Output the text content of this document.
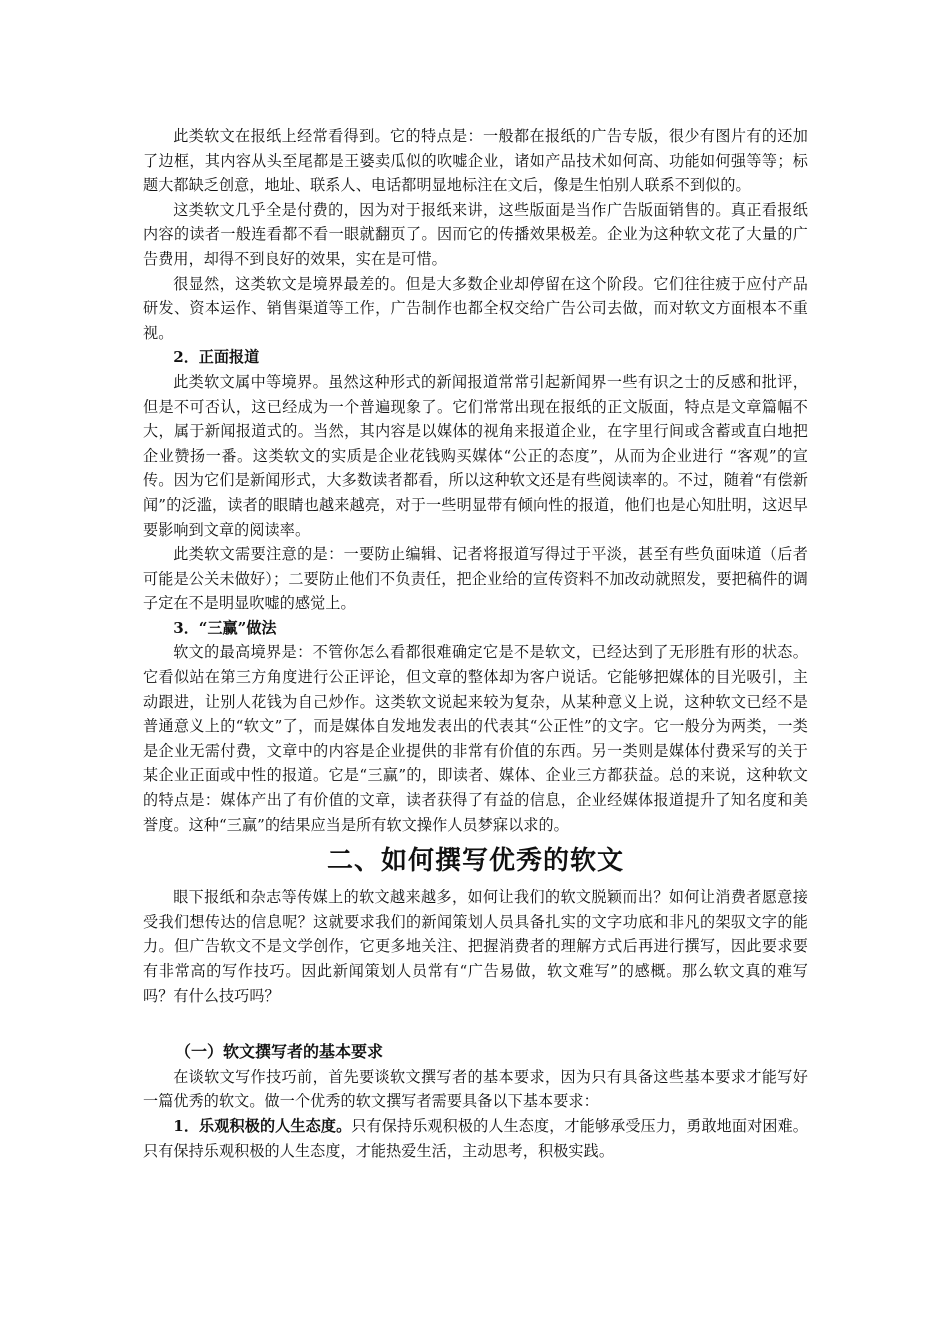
此类软文在报纸上经常看得到。它的特点是：一般都在报纸的广告专版，很少有图片有的还加了边框，其内容从头至尾都是王婆卖瓜似的吹嘘企业，诸如产品技术如何高、功能如何强等等；标题大都缺乏创意，地址、联系人、电话都明显地标注在文后，像是生怕别人联系不到似的。

这类软文几乎全是付费的，因为对于报纸来讲，这些版面是当作广告版面销售的。真正看报纸内容的读者一般连看都不看一眼就翻页了。因而它的传播效果极差。企业为这种软文花了大量的广告费用，却得不到良好的效果，实在是可惜。

很显然，这类软文是境界最差的。但是大多数企业却停留在这个阶段。它们往往疲于应付产品研发、资本运作、销售渠道等工作，广告制作也都全权交给广告公司去做，而对软文方面根本不重视。

2．正面报道

此类软文属中等境界。虽然这种形式的新闻报道常常引起新闻界一些有识之士的反感和批评，但是不可否认，这已经成为一个普遍现象了。它们常常出现在报纸的正文版面，特点是文章篇幅不大，属于新闻报道式的。当然，其内容是以媒体的视角来报道企业，在字里行间或含蓄或直白地把企业赞扬一番。这类软文的实质是企业花钱购买媒体“公正的态度”，从而为企业进行 “客观”的宣传。因为它们是新闻形式，大多数读者都看，所以这种软文还是有些阅读率的。不过，随着“有偿新闻”的泛滥，读者的眼睛也越来越亮，对于一些明显带有倾向性的报道，他们也是心知肚明，这迟早要影响到文章的阅读率。

此类软文需要注意的是：一要防止编辑、记者将报道写得过于平淡，甚至有些负面味道（后者可能是公关未做好）；二要防止他们不负责任，把企业给的宣传资料不加改动就照发，要把稿件的调子定在不是明显吹嘘的感觉上。

3．“三赢”做法

软文的最高境界是：不管你怎么看都很难确定它是不是软文，已经达到了无形胜有形的状态。它看似站在第三方角度进行公正评论，但文章的整体却为客户说话。它能够把媒体的目光吸引，主动跟进，让别人花钱为自己炒作。这类软文说起来较为复杂，从某种意义上说，这种软文已经不是普通意义上的“软文”了，而是媒体自发地发表出的代表其“公正性”的文字。它一般分为两类，一类是企业无需付费，文章中的内容是企业提供的非常有价值的东西。另一类则是媒体付费采写的关于某企业正面或中性的报道。它是“三赢”的，即读者、媒体、企业三方都获益。总的来说，这种软文的特点是：媒体产出了有价值的文章，读者获得了有益的信息，企业经媒体报道提升了知名度和美誉度。这种“三赢”的结果应当是所有软文操作人员梦寐以求的。

二、如何撰写优秀的软文

眼下报纸和杂志等传媒上的软文越来越多，如何让我们的软文脱颖而出？如何让消费者愿意接受我们想传达的信息呢？这就要求我们的新闻策划人员具备扎实的文字功底和非凡的架驭文字的能力。但广告软文不是文学创作，它更多地关注、把握消费者的理解方式后再进行撰写，因此要求要有非常高的写作技巧。因此新闻策划人员常有“广告易做，软文难写”的感概。那么软文真的难写吗？有什么技巧吗？

（一）软文撰写者的基本要求

在谈软文写作技巧前，首先要谈软文撰写者的基本要求，因为只有具备这些基本要求才能写好一篇优秀的软文。做一个优秀的软文撰写者需要具备以下基本要求：

1．乐观积极的人生态度。只有保持乐观积极的人生态度，才能够承受压力，勇敢地面对困难。只有保持乐观积极的人生态度，才能热爱生活，主动思考，积极实践。
